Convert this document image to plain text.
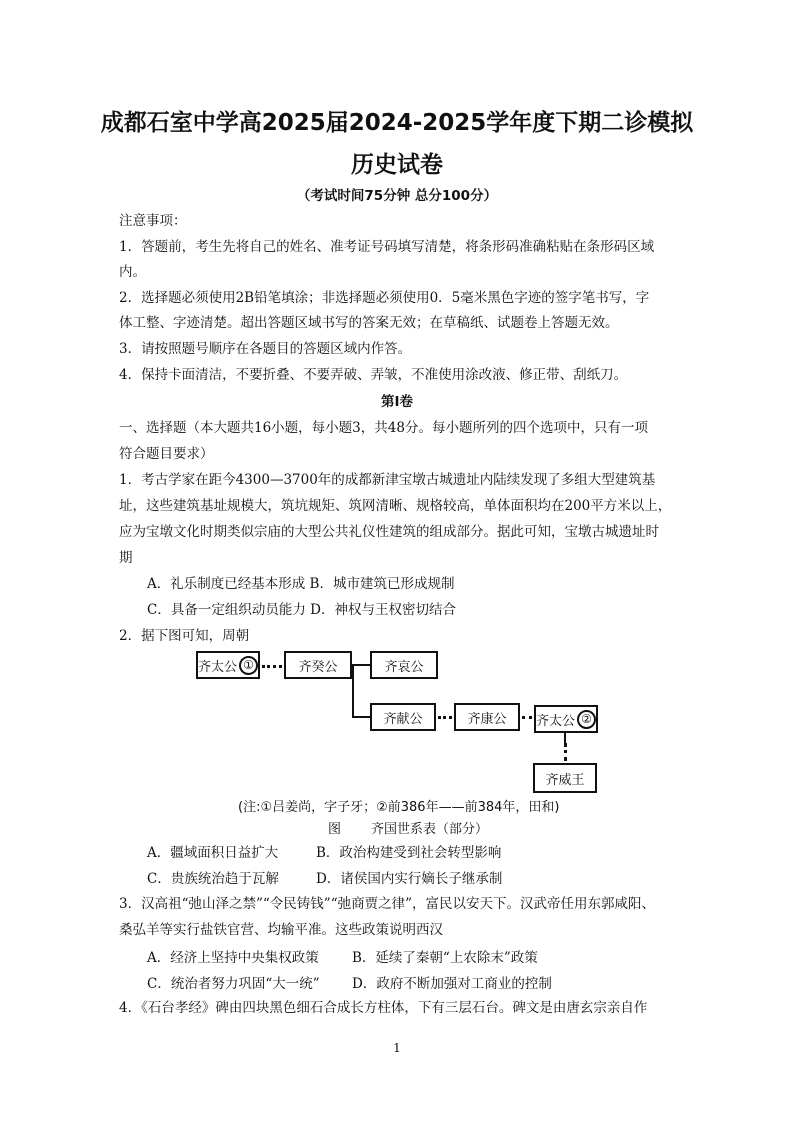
成都石室中学高2025届2024-2025学年度下期二诊模拟
历史试卷
（考试时间75分钟 总分100分）
注意事项：
1．答题前，考生先将自己的姓名、准考证号码填写清楚，将条形码准确粘贴在条形码区域
内。
2．选择题必须使用2B铅笔填涂；非选择题必须使用0．5毫米黑色字迹的签字笔书写，字
体工整、字迹清楚。超出答题区域书写的答案无效；在草稿纸、试题卷上答题无效。
3．请按照题号顺序在各题目的答题区域内作答。
4．保持卡面清洁，不要折叠、不要弄破、弄皱，不准使用涂改液、修正带、刮纸刀。
第Ⅰ卷
一、选择题（本大题共16小题，每小题3，共48分。每小题所列的四个选项中，只有一项
符合题目要求）
1．考古学家在距今4300—3700年的成都新津宝墩古城遗址内陆续发现了多组大型建筑基
址，这些建筑基址规模大，筑坑规矩、筑网清晰、规格较高，单体面积均在200平方米以上，
应为宝墩文化时期类似宗庙的大型公共礼仪性建筑的组成部分。据此可知，宝墩古城遗址时
期
A．礼乐制度已经基本形成 B．城市建筑已形成规制
C．具备一定组织动员能力 D．神权与王权密切结合
2．据下图可知，周朝
齐太公 ①	齐癸公	齐哀公
齐献公	齐康公	齐太公 ②
齐威王
(注:①吕姜尚，字子牙；②前386年——前384年，田和)
图 齐国世系表（部分）
A．疆域面积日益扩大	B．政治构建受到社会转型影响
C．贵族统治趋于瓦解	D．诸侯国内实行嫡长子继承制
3．汉高祖“弛山泽之禁”“令民铸钱”“弛商贾之律”，富民以安天下。汉武帝任用东郭咸阳、
桑弘羊等实行盐铁官营、均输平准。这些政策说明西汉
A．经济上坚持中央集权政策 B．延续了秦朝“上农除末”政策
C．统治者努力巩固“大一统” D．政府不断加强对工商业的控制
4．《石台孝经》碑由四块黑色细石合成长方柱体，下有三层石台。碑文是由唐玄宗亲自作
1
